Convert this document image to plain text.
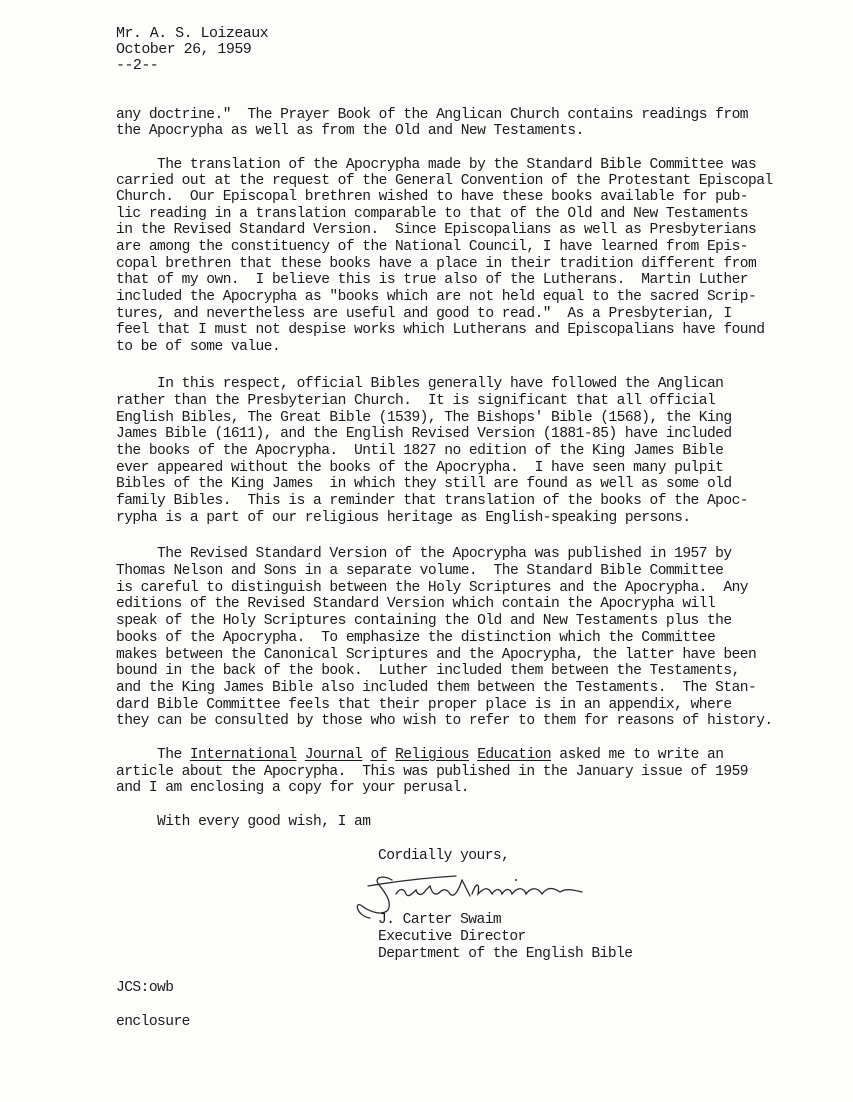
Mr. A. S. Loizeaux
October 26, 1959
--2--
any doctrine."  The Prayer Book of the Anglican Church contains readings from
the Apocrypha as well as from the Old and New Testaments.
The translation of the Apocrypha made by the Standard Bible Committee was
carried out at the request of the General Convention of the Protestant Episcopal
Church.  Our Episcopal brethren wished to have these books available for pub-
lic reading in a translation comparable to that of the Old and New Testaments
in the Revised Standard Version.  Since Episcopalians as well as Presbyterians
are among the constituency of the National Council, I have learned from Epis-
copal brethren that these books have a place in their tradition different from
that of my own.  I believe this is true also of the Lutherans.  Martin Luther
included the Apocrypha as "books which are not held equal to the sacred Scrip-
tures, and nevertheless are useful and good to read."  As a Presbyterian, I
feel that I must not despise works which Lutherans and Episcopalians have found
to be of some value.
In this respect, official Bibles generally have followed the Anglican
rather than the Presbyterian Church.  It is significant that all official
English Bibles, The Great Bible (1539), The Bishops' Bible (1568), the King
James Bible (1611), and the English Revised Version (1881-85) have included
the books of the Apocrypha.  Until 1827 no edition of the King James Bible
ever appeared without the books of the Apocrypha.  I have seen many pulpit
Bibles of the King James  in which they still are found as well as some old
family Bibles.  This is a reminder that translation of the books of the Apoc-
rypha is a part of our religious heritage as English-speaking persons.
The Revised Standard Version of the Apocrypha was published in 1957 by
Thomas Nelson and Sons in a separate volume.  The Standard Bible Committee
is careful to distinguish between the Holy Scriptures and the Apocrypha.  Any
editions of the Revised Standard Version which contain the Apocrypha will
speak of the Holy Scriptures containing the Old and New Testaments plus the
books of the Apocrypha.  To emphasize the distinction which the Committee
makes between the Canonical Scriptures and the Apocrypha, the latter have been
bound in the back of the book.  Luther included them between the Testaments,
and the King James Bible also included them between the Testaments.  The Stan-
dard Bible Committee feels that their proper place is in an appendix, where
they can be consulted by those who wish to refer to them for reasons of history.
The International Journal of Religious Education asked me to write an
article about the Apocrypha.  This was published in the January issue of 1959
and I am enclosing a copy for your perusal.
With every good wish, I am
Cordially yours,
J. Carter Swaim
Executive Director
Department of the English Bible
JCS:owb
enclosure
